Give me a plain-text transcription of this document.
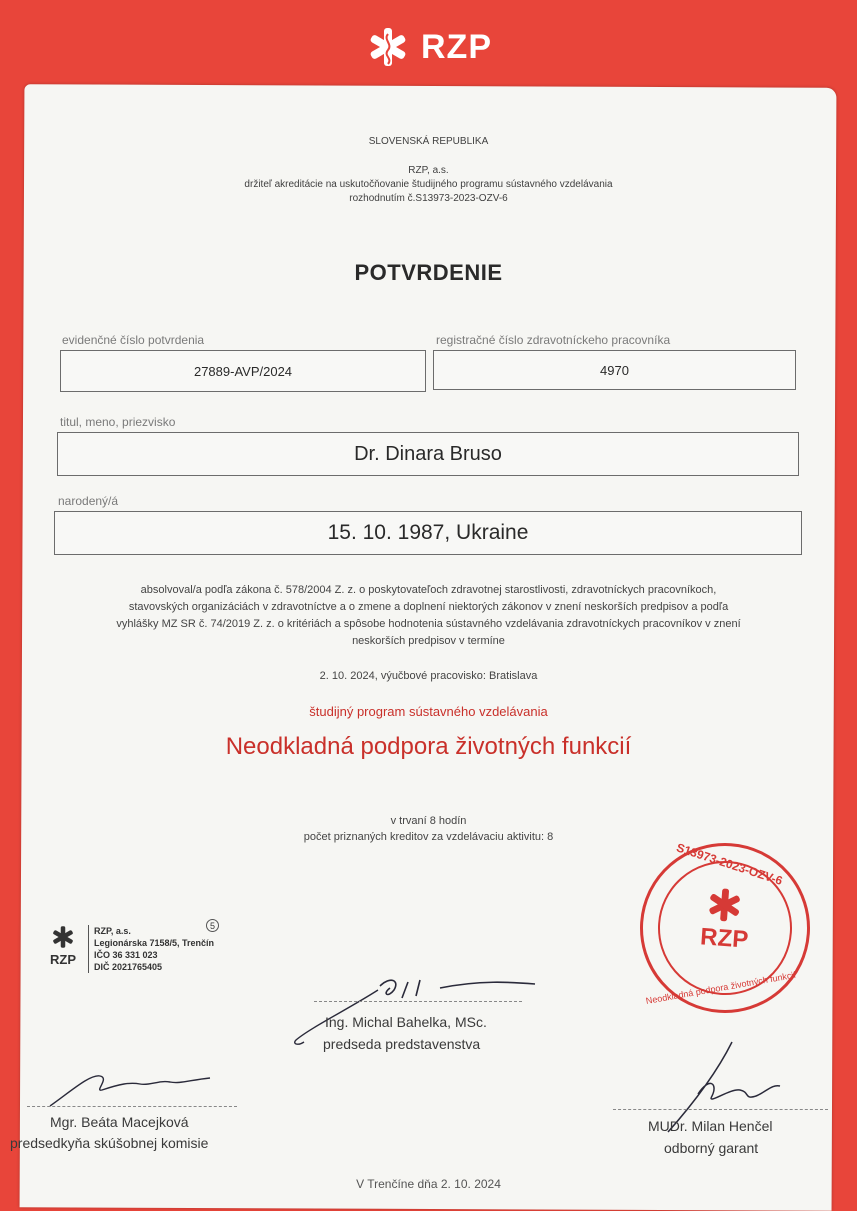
RZP
SLOVENSKÁ REPUBLIKA
RZP, a.s.
držiteľ akreditácie na uskutočňovanie študijného programu sústavného vzdelávania
rozhodnutím č.S13973-2023-OZV-6
POTVRDENIE
evidenčné číslo potvrdenia
27889-AVP/2024
registračné číslo zdravotníckeho pracovníka
4970
titul, meno, priezvisko
Dr. Dinara Bruso
narodený/á
15. 10. 1987, Ukraine
absolvoval/a podľa zákona č. 578/2004 Z. z. o poskytovateľoch zdravotnej starostlivosti, zdravotníckych pracovníkoch,
stavovských organizáciách v zdravotníctve a o zmene a doplnení niektorých zákonov v znení neskorších predpisov a podľa
vyhlášky MZ SR č. 74/2019 Z. z. o kritériách a spôsobe hodnotenia sústavného vzdelávania zdravotníckych pracovníkov v znení
neskorších predpisov v termíne
2. 10. 2024, výučbové pracovisko: Bratislava
študijný program sústavného vzdelávania
Neodkladná podpora životných funkcií
v trvaní 8 hodín
počet priznaných kreditov za vzdelávaciu aktivitu: 8
RZP
RZP, a.s.
Legionárska 7158/5, Trenčín
IČO 36 331 023
DIČ 2021765405
5
S13973-2023-OZV-6
RZP
Neodkladná podpora životných funkcií
Ing. Michal Bahelka, MSc.
predseda predstavenstva
Mgr. Beáta Macejková
predsedkyňa skúšobnej komisie
MUDr. Milan Henčel
odborný garant
V Trenčíne dňa 2. 10. 2024
